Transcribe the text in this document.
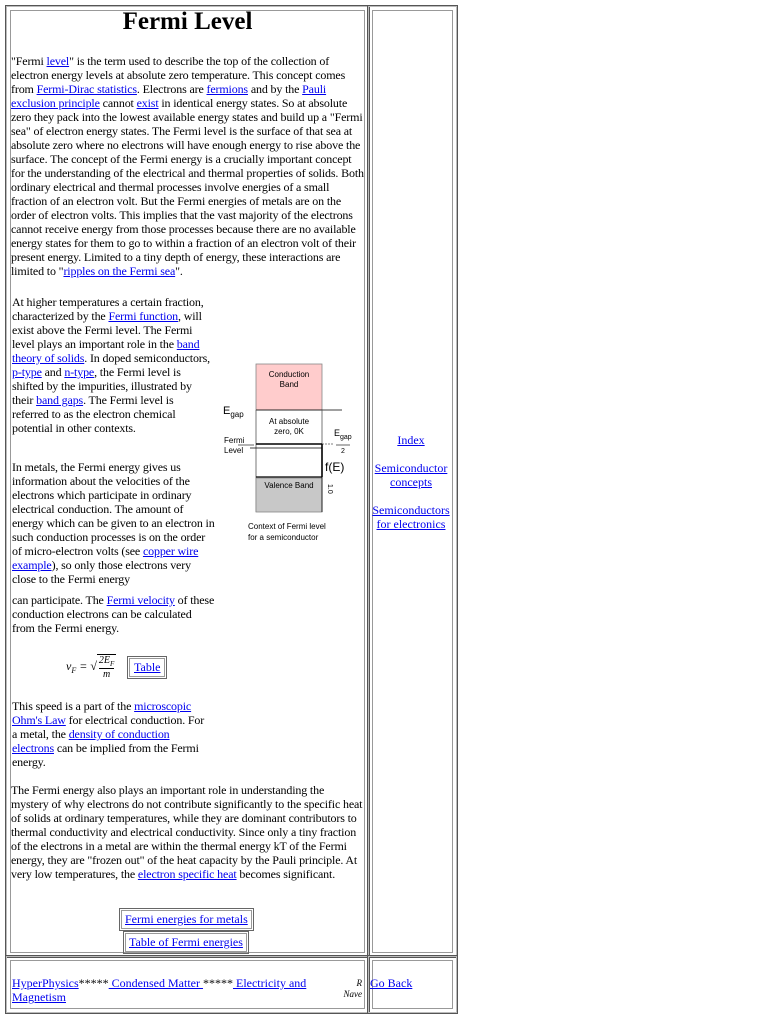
Fermi Level
"Fermi level" is the term used to describe the top of the collection of electron energy levels at absolute zero temperature. This concept comes from Fermi-Dirac statistics. Electrons are fermions and by the Pauli exclusion principle cannot exist in identical energy states. So at absolute zero they pack into the lowest available energy states and build up a "Fermi sea" of electron energy states. The Fermi level is the surface of that sea at absolute zero where no electrons will have enough energy to rise above the surface. The concept of the Fermi energy is a crucially important concept for the understanding of the electrical and thermal properties of solids. Both ordinary electrical and thermal processes involve energies of a small fraction of an electron volt. But the Fermi energies of metals are on the order of electron volts. This implies that the vast majority of the electrons cannot receive energy from those processes because there are no available energy states for them to go to within a fraction of an electron volt of their present energy. Limited to a tiny depth of energy, these interactions are limited to "ripples on the Fermi sea".
At higher temperatures a certain fraction, characterized by the Fermi function, will exist above the Fermi level. The Fermi level plays an important role in the band theory of solids. In doped semiconductors, p-type and n-type, the Fermi level is shifted by the impurities, illustrated by their band gaps. The Fermi level is referred to as the electron chemical potential in other contexts.
In metals, the Fermi energy gives us information about the velocities of the electrons which participate in ordinary electrical conduction. The amount of energy which can be given to an electron in such conduction processes is on the order of micro-electron volts (see copper wire example), so only those electrons very close to the Fermi energy
can participate. The Fermi velocity of these conduction electrons can be calculated from the Fermi energy.
$v_F$ = √ $\frac{2E_F}{m}$	Table
This speed is a part of the microscopic Ohm's Law for electrical conduction. For a metal, the density of conduction electrons can be implied from the Fermi energy.
The Fermi energy also plays an important role in understanding the mystery of why electrons do not contribute significantly to the specific heat of solids at ordinary temperatures, while they are dominant contributors to thermal conductivity and electrical conductivity. Since only a tiny fraction of the electrons in a metal are within the thermal energy kT of the Fermi energy, they are "frozen out" of the heat capacity by the Pauli principle. At very low temperatures, the electron specific heat becomes significant.
Conduction
Band
$E_{gap}$
At absolute
zero, 0K
Fermi
Level
$E_{gap}$
2
f(E)
Valence Band 1.0
Context of Fermi level
for a semiconductor
Fermi energies for metals
Table of Fermi energies
Index
Semiconductor concepts
Semiconductors for electronics
HyperPhysics***** Condensed Matter ***** Electricity and Magnetism
R
Nave
Go Back
